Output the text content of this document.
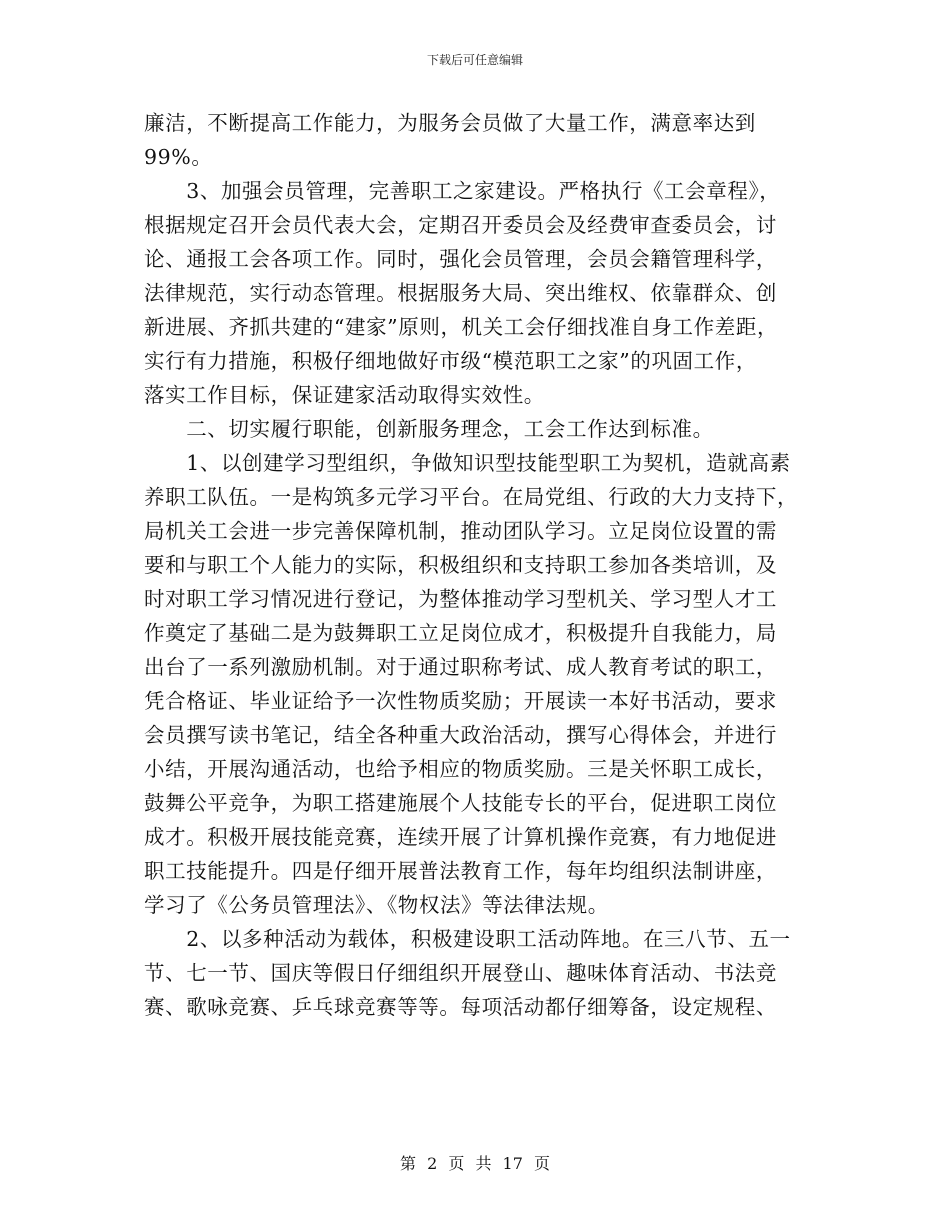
下载后可任意编辑
廉洁，不断提高工作能力，为服务会员做了大量工作，满意率达到
99%。
　　3、加强会员管理，完善职工之家建设。严格执行《工会章程》，
根据规定召开会员代表大会，定期召开委员会及经费审查委员会，讨
论、通报工会各项工作。同时，强化会员管理，会员会籍管理科学，
法律规范，实行动态管理。根据服务大局、突出维权、依靠群众、创
新进展、齐抓共建的“建家”原则，机关工会仔细找准自身工作差距，
实行有力措施，积极仔细地做好市级“模范职工之家”的巩固工作，
落实工作目标，保证建家活动取得实效性。
　　二、切实履行职能，创新服务理念，工会工作达到标准。
　　1、以创建学习型组织，争做知识型技能型职工为契机，造就高素
养职工队伍。一是构筑多元学习平台。在局党组、行政的大力支持下，
局机关工会进一步完善保障机制，推动团队学习。立足岗位设置的需
要和与职工个人能力的实际，积极组织和支持职工参加各类培训，及
时对职工学习情况进行登记，为整体推动学习型机关、学习型人才工
作奠定了基础二是为鼓舞职工立足岗位成才，积极提升自我能力，局
出台了一系列激励机制。对于通过职称考试、成人教育考试的职工，
凭合格证、毕业证给予一次性物质奖励；开展读一本好书活动，要求
会员撰写读书笔记，结全各种重大政治活动，撰写心得体会，并进行
小结，开展沟通活动，也给予相应的物质奖励。三是关怀职工成长，
鼓舞公平竞争，为职工搭建施展个人技能专长的平台，促进职工岗位
成才。积极开展技能竞赛，连续开展了计算机操作竞赛，有力地促进
职工技能提升。四是仔细开展普法教育工作，每年均组织法制讲座，
学习了《公务员管理法》、《物权法》等法律法规。
　　2、以多种活动为载体，积极建设职工活动阵地。在三八节、五一
节、七一节、国庆等假日仔细组织开展登山、趣味体育活动、书法竞
赛、歌咏竞赛、乒乓球竞赛等等。每项活动都仔细筹备，设定规程、
第 2 页 共 17 页
